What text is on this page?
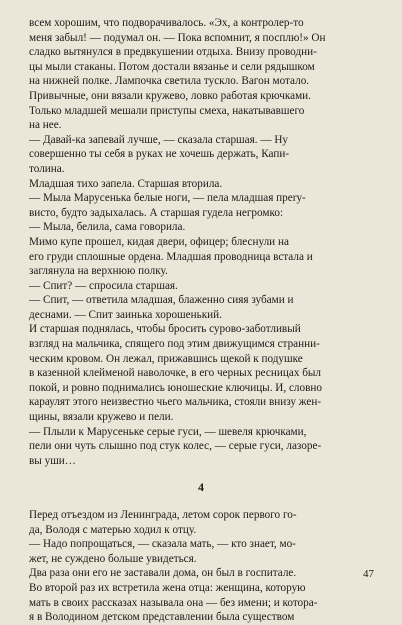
всем хорошим, что подворачивалось. «Эх, а контролер-то
меня забыл! — подумал он. — Пока вспомнит, я посплю!» Он
сладко вытянулся в предвкушении отдыха. Внизу проводни-
цы мыли стаканы. Потом достали вязанье и сели рядышком
на нижней полке. Лампочка светила тускло. Вагон мотало.
Привычные, они вязали кружево, ловко работая крючками.
Только младшей мешали приступы смеха, накатывавшего
на нее.

— Давай-ка запевай лучше, — сказала старшая. — Ну
совершенно ты себя в руках не хочешь держать, Капи-
толина.

Младшая тихо запела. Старшая вторила.

— Мыла Марусенька белые ноги, — пела младшая прery-
висто, будто задыхалась. А старшая гудела негромко:

— Мыла, белила, сама говорила.

Мимо купе прошел, кидая двери, офицер; блеснули на
его груди сплошные ордена. Младшая проводница встала и
заглянула на верхнюю полку.

— Спит? — спросила старшая.

— Спит, — ответила младшая, блаженно сияя зубами и
деснами. — Спит заинька хорошенький.

И старшая поднялась, чтобы бросить сурово-заботливый
взгляд на мальчика, спящего под этим движущимся странни-
ческим кровом. Он лежал, прижавшись щекой к подушке
в казенной клейменой наволочке, в его черных ресницах был
покой, и ровно поднимались юношеские ключицы. И, словно
караулят этого неизвестно чьего мальчика, стояли внизу жен-
щины, вязали кружево и пели.

— Плыли к Марусеньке серые гуси, — шевеля крючками,
пели они чуть слышно под стук колес, — серые гуси, лазоре-
вы уши…

4

Перед отъездом из Ленинграда, летом сорок первого го-
да, Володя с матерью ходил к отцу.

— Надо попрощаться, — сказала мать, — кто знает, мо-
жет, не суждено больше увидеться.

Два раза они его не заставали дома, он был в госпитале.
Во второй раз их встретила жена отца: женщина, которую
мать в своих рассказах называла она — без имени; и котора-
я в Володином детском представлении была существом

47
